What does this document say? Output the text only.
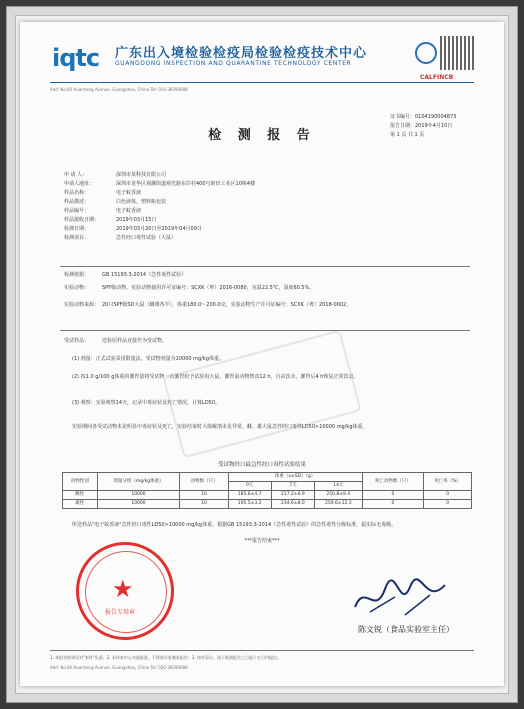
iqtc 广东出入境检验检疫局检验检疫技术中心
GUANGDONG INSPECTION AND QUARANTINE TECHNOLOGY CENTER
CALFINCB
Add: No.66 Huacheng Avenue, Guangzhou, China Tel: 020-38290688
检 测 报 告
证书编号： 0104190004873
报告日期： 2019年4月10日
第 1 页 共 1 页
申 请 人：	深圳市某科技有限公司
申请人地址：	深圳市龙华区观澜街道观光路东岸村400号新田工业区10栋4楼
样品名称：	电子蚊香液
样品描述：	白色液体，塑料瓶包装
样品编号：	电子蚊香液
样品接收日期：	2019年03月15日
检测日期：	2019年03月20日至2019年04月09日
检测项目：	急性经口毒性试验（大鼠）
检测依据：	GB 15193.3-2014《急性毒性试验》
实验动物：	SPF级动物，实验动物使用许可证编号：SCXK（粤）2016-0080，室温22.5℃，湿度60.5%。
实验动物来源： 20只SPF级SD大鼠（雌雄各半），体重180.0～200.0克，实验动物生产许可证编号：SCXK（粤）2018-0002。
受试样品：	送检原样品直接作为受试物。
(1) 剂量：正式试验采用限量法，受试物剂量为10000 mg/kg体重。
(2) 按1.0 g/100 g体重的灌胃量将受试物一次灌胃给予试验用大鼠，灌胃前动物禁食12 h，自由饮水，灌胃后4 h恢复正常饮食。
(3) 观察：实验观察14天，记录中毒症状及死亡情况，计算LD50。
实验期间各受试动物未见明显中毒症状及死亡，实验结束时大体解剖未见异常。雌、雄大鼠急性经口毒性LD50>10000 mg/kg体重。
受试物经口最急性经口毒性试验结果
动物性别	剂量分组（mg/kg体重）	动物数（只）	体重（x±SD）（g）			死亡动物数（只）	死亡率（%）
			0天	7天	14天		
雌性	10000	10	185.8±4.7	217.2±6.9	250.8±9.4	0	0
雄性	10000	10	195.5±3.2	234.6±8.0	259.6±12.3	0	0
所送样品"电子蚊香液"急性经口毒性LD50>10000 mg/kg体重，根据GB 15193.3-2014《急性毒性试验》的急性毒性分级标准，属实际无毒级。
***报告结束***
★
报告专用章
陈文锐（食品实验室主任）
1. 本报告结果仅对"来样"负责；2. 未经本中心书面批准，不得部分复制本报告；3. 如有异议，请于收到报告之日起十五日内提出。
Add: No.66 Huacheng Avenue, Guangzhou, China Tel: 020-38290688
